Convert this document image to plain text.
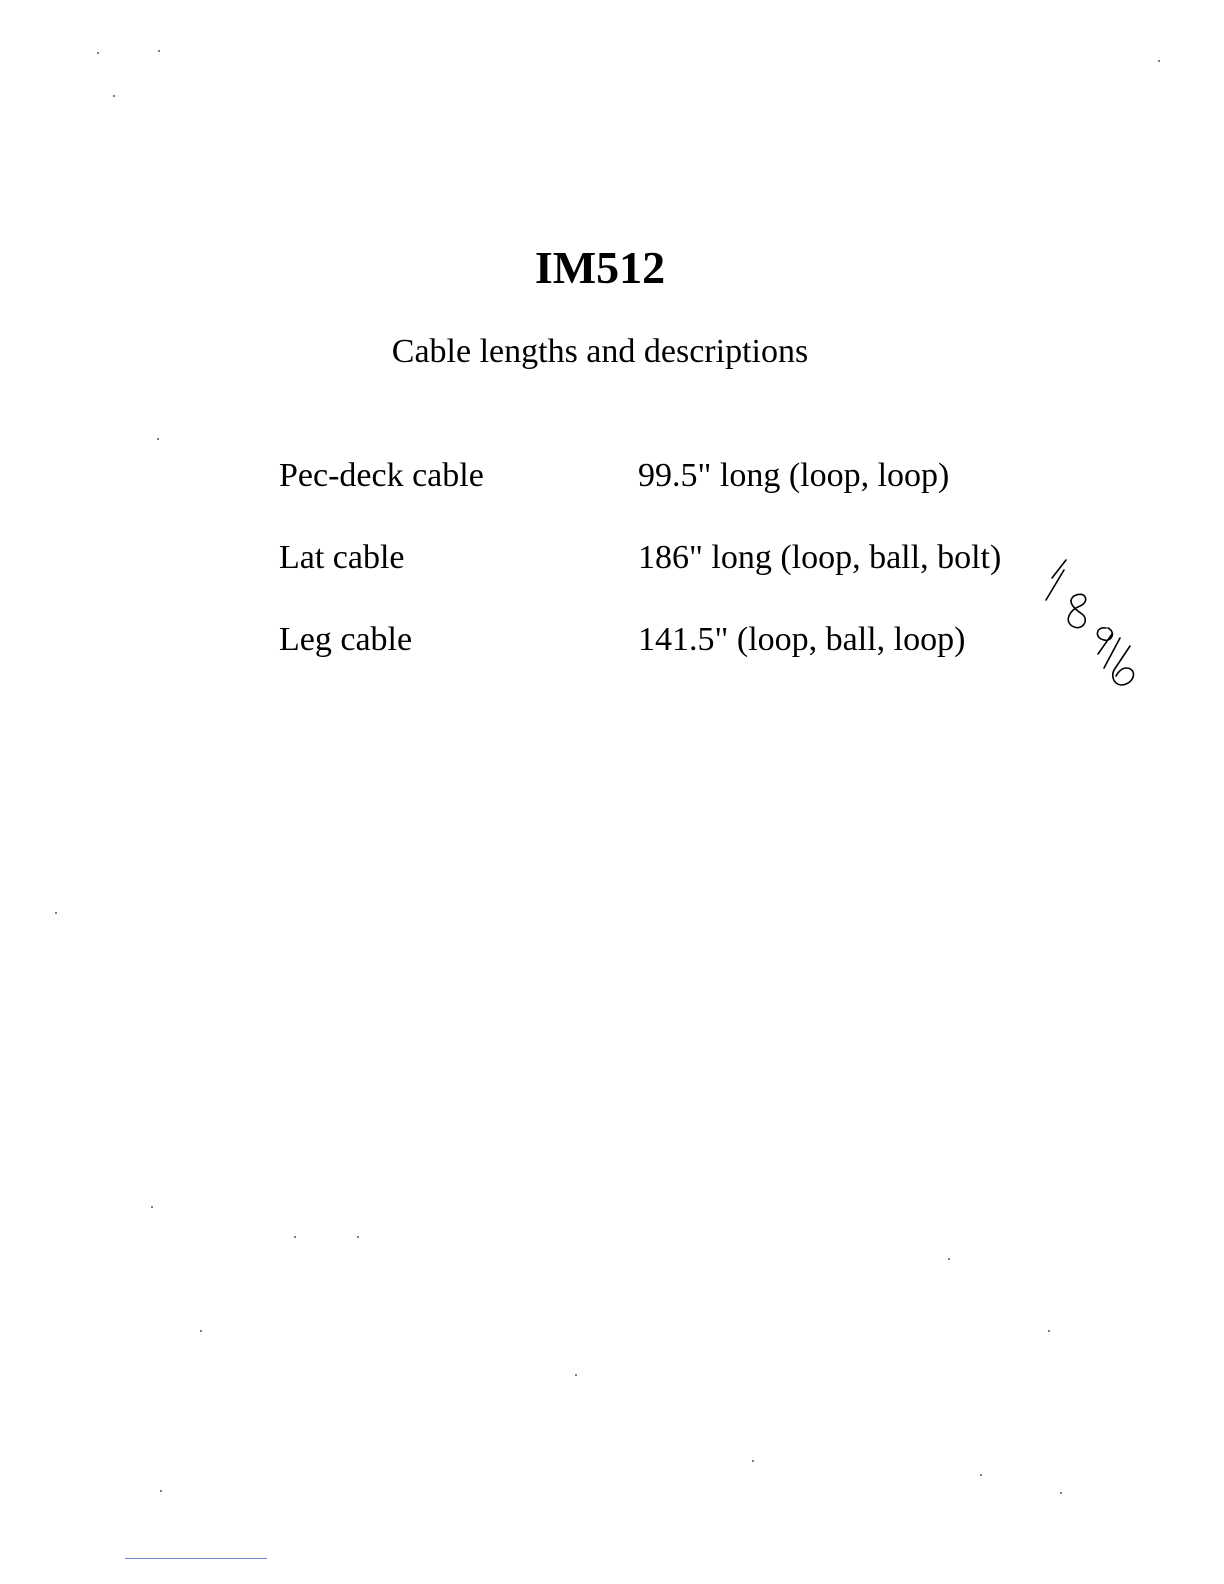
IM512
Cable lengths and descriptions
Pec-deck cable	99.5" long (loop, loop)
Lat cable	186" long (loop, ball, bolt)
Leg cable	141.5" (loop, ball, loop)
